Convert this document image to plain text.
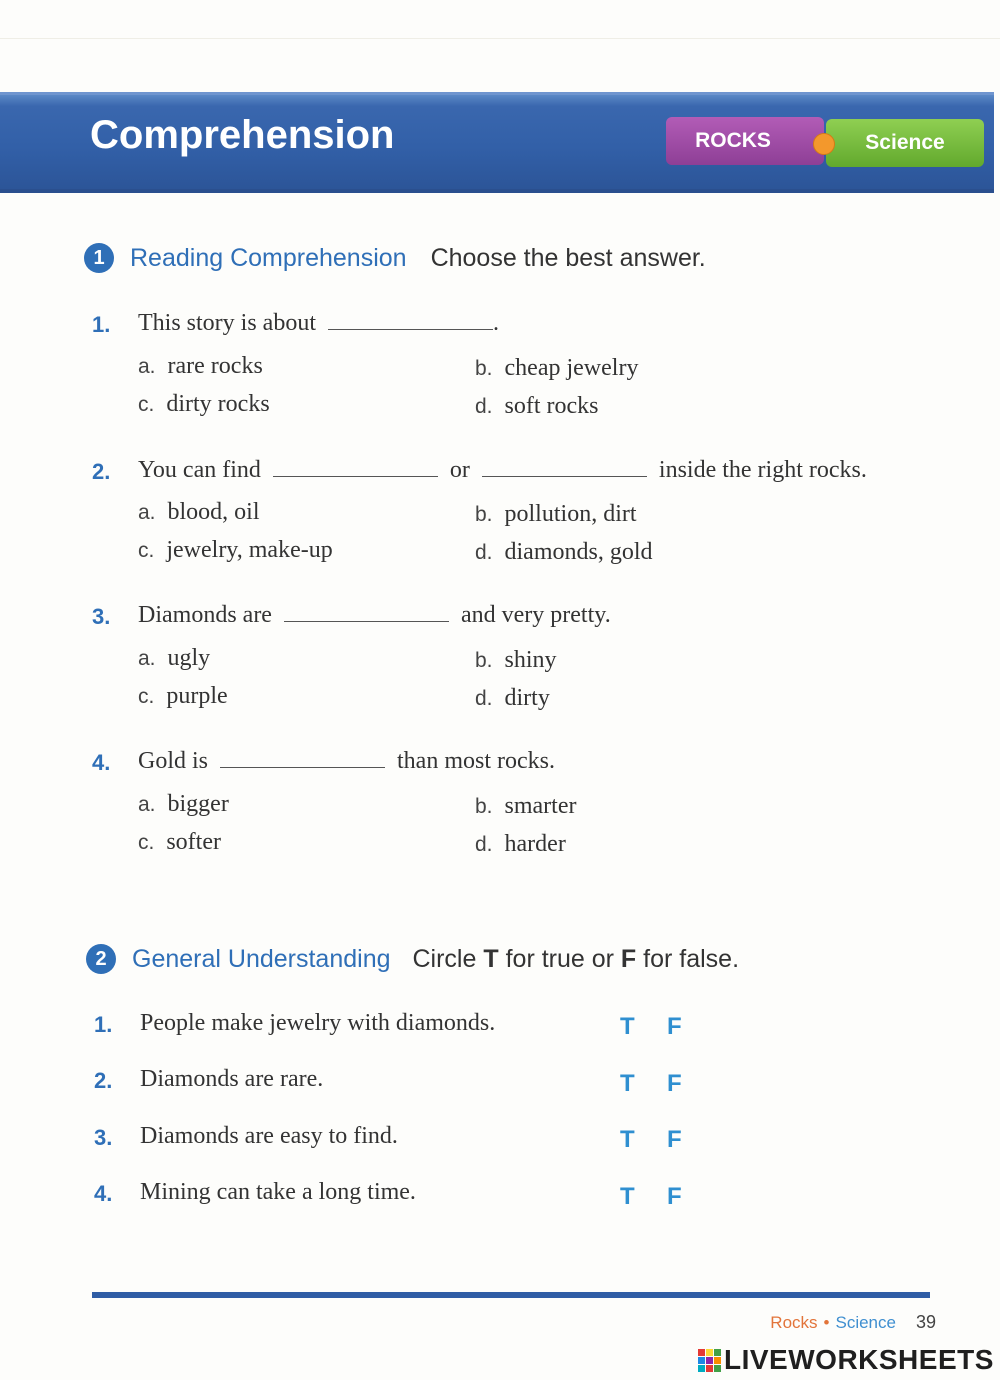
Comprehension	ROCKS	Science
1	Reading Comprehension Choose the best answer.
1. This story is about	.
a. rare rocks	b. cheap jewelry
c. dirty rocks	d. soft rocks
2. You can find	or	inside the right rocks.
a. blood, oil	b. pollution, dirt
c. jewelry, make-up	d. diamonds, gold
3. Diamonds are	and very pretty.
a. ugly	b. shiny
c. purple	d. dirty
4. Gold is	than most rocks.
a. bigger	b. smarter
c. softer	d. harder
2	General Understanding Circle T for true or F for false.
1. People make jewelry with diamonds.	T F
2. Diamonds are rare.	T F
3. Diamonds are easy to find.	T F
4. Mining can take a long time.	T F
Rocks • Science 39
LIVEWORKSHEETS
